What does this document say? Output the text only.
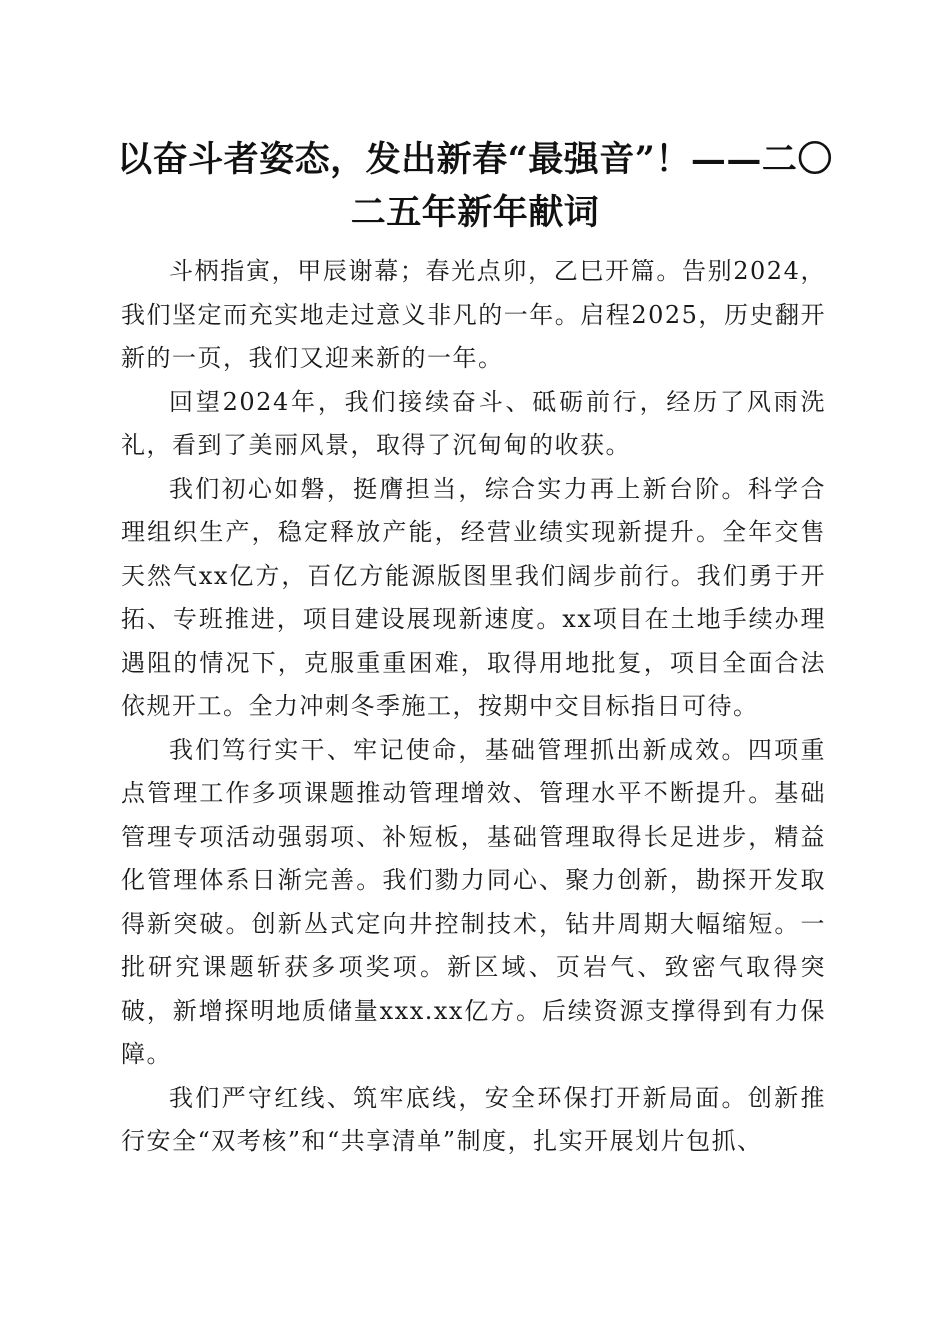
以奋斗者姿态，发出新春“最强音”！——二〇二五年新年献词

斗柄指寅，甲辰谢幕；春光点卯，乙巳开篇。告别2024，我们坚定而充实地走过意义非凡的一年。启程2025，历史翻开新的一页，我们又迎来新的一年。

回望2024年，我们接续奋斗、砥砺前行，经历了风雨洗礼，看到了美丽风景，取得了沉甸甸的收获。

我们初心如磐，挺膺担当，综合实力再上新台阶。科学合理组织生产，稳定释放产能，经营业绩实现新提升。全年交售天然气xx亿方，百亿方能源版图里我们阔步前行。我们勇于开拓、专班推进，项目建设展现新速度。xx项目在土地手续办理遇阻的情况下，克服重重困难，取得用地批复，项目全面合法依规开工。全力冲刺冬季施工，按期中交目标指日可待。

我们笃行实干、牢记使命，基础管理抓出新成效。四项重点管理工作多项课题推动管理增效、管理水平不断提升。基础管理专项活动强弱项、补短板，基础管理取得长足进步，精益化管理体系日渐完善。我们勠力同心、聚力创新，勘探开发取得新突破。创新丛式定向井控制技术，钻井周期大幅缩短。一批研究课题斩获多项奖项。新区域、页岩气、致密气取得突破，新增探明地质储量xxx.xx亿方。后续资源支撑得到有力保障。

我们严守红线、筑牢底线，安全环保打开新局面。创新推行安全“双考核”和“共享清单”制度，扎实开展划片包抓、
